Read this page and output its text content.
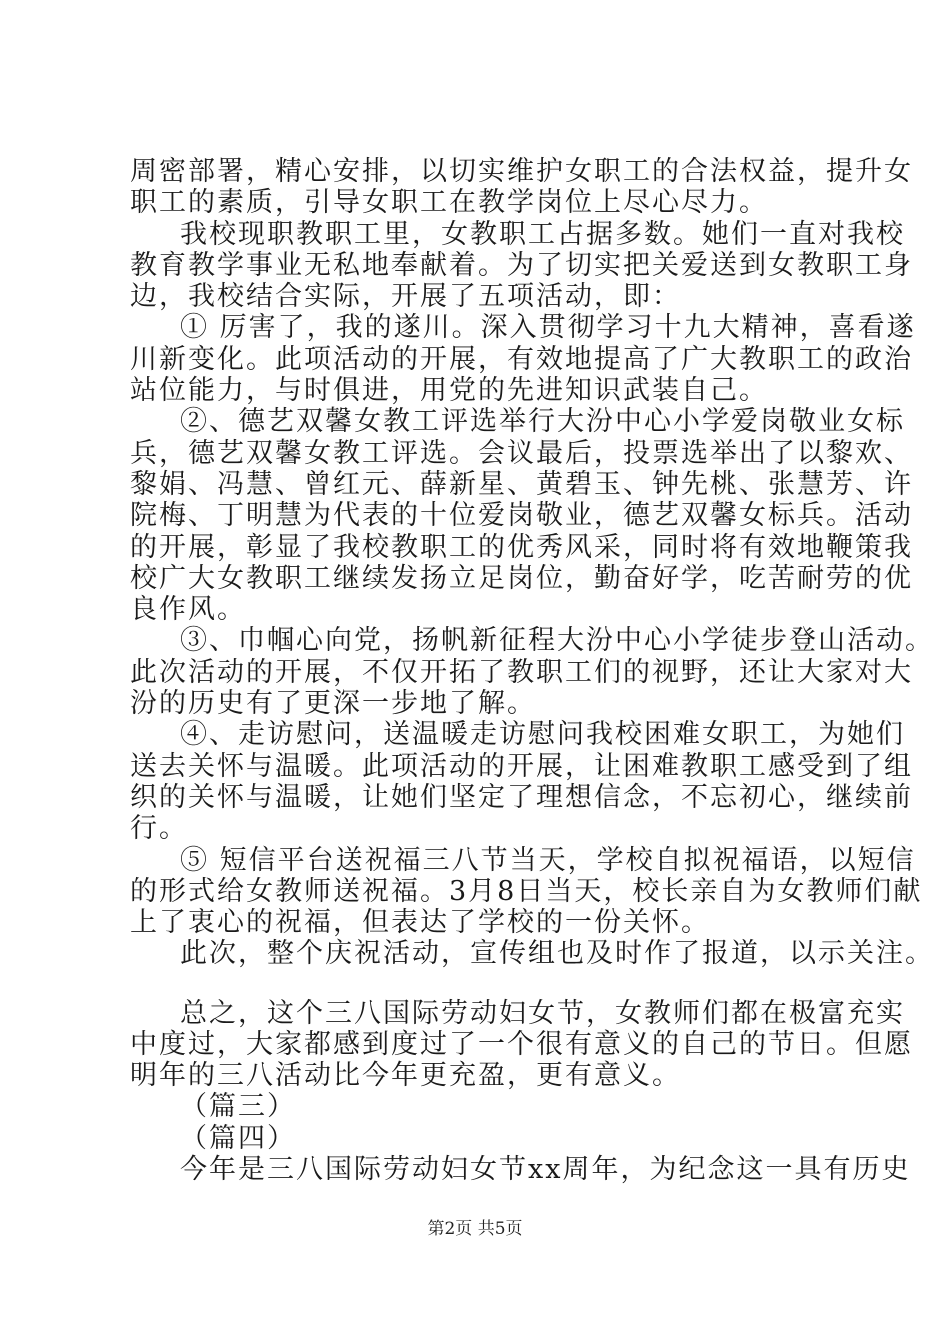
周密部署，精心安排，以切实维护女职工的合法权益，提升女
职工的素质，引导女职工在教学岗位上尽心尽力。
我校现职教职工里，女教职工占据多数。她们一直对我校
教育教学事业无私地奉献着。为了切实把关爱送到女教职工身
边，我校结合实际，开展了五项活动，即：
① 厉害了，我的遂川。深入贯彻学习十九大精神，喜看遂
川新变化。此项活动的开展，有效地提高了广大教职工的政治
站位能力，与时俱进，用党的先进知识武装自己。
②、德艺双馨女教工评选举行大汾中心小学爱岗敬业女标
兵，德艺双馨女教工评选。会议最后，投票选举出了以黎欢、
黎娟、冯慧、曾红元、薛新星、黄碧玉、钟先桃、张慧芳、许
院梅、丁明慧为代表的十位爱岗敬业，德艺双馨女标兵。活动
的开展，彰显了我校教职工的优秀风采，同时将有效地鞭策我
校广大女教职工继续发扬立足岗位，勤奋好学，吃苦耐劳的优
良作风。
③、巾帼心向党，扬帆新征程大汾中心小学徒步登山活动。
此次活动的开展，不仅开拓了教职工们的视野，还让大家对大
汾的历史有了更深一步地了解。
④、走访慰问，送温暖走访慰问我校困难女职工，为她们
送去关怀与温暖。此项活动的开展，让困难教职工感受到了组
织的关怀与温暖，让她们坚定了理想信念，不忘初心，继续前
行。
⑤ 短信平台送祝福三八节当天，学校自拟祝福语，以短信
的形式给女教师送祝福。3月8日当天，校长亲自为女教师们献
上了衷心的祝福，但表达了学校的一份关怀。
此次，整个庆祝活动，宣传组也及时作了报道，以示关注。
总之，这个三八国际劳动妇女节，女教师们都在极富充实
中度过，大家都感到度过了一个很有意义的自己的节日。但愿
明年的三八活动比今年更充盈，更有意义。
（篇三）
（篇四）
今年是三八国际劳动妇女节xx周年，为纪念这一具有历史
第2页 共5页
